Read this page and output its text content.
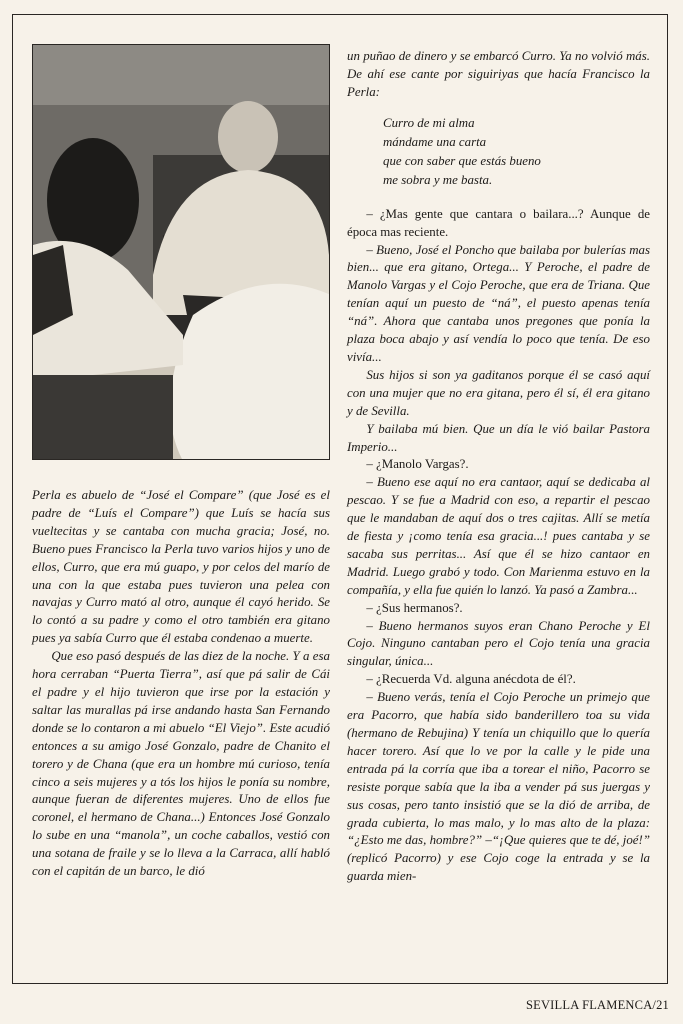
Perla es abuelo de “José el Compare” (que José es el padre de “Luís el Compare”) que Luís se hacía sus vueltecitas y se cantaba con mucha gracia; José, no. Bueno pues Francisco la Perla tuvo varios hijos y uno de ellos, Curro, que era mú guapo, y por celos del marío de una con la que estaba pues tuvieron una pelea con navajas y Curro mató al otro, aunque él cayó herido. Se lo contó a su padre y como el otro también era gitano pues ya sabía Curro que él estaba condenao a muerte.

Que eso pasó después de las diez de la noche. Y a esa hora cerraban “Puerta Tierra”, así que pá salir de Cái el padre y el hijo tuvieron que irse por la estación y saltar las murallas pá irse andando hasta San Fernando donde se lo contaron a mi abuelo “El Viejo”. Este acudió entonces a su amigo José Gonzalo, padre de Chanito el torero y de Chana (que era un hombre mú curioso, tenía cinco a seis mujeres y a tós los hijos le ponía su nombre, aunque fueran de diferentes mujeres. Uno de ellos fue coronel, el hermano de Chana...) Entonces José Gonzalo lo sube en una “manola”, un coche caballos, vestió con una sotana de fraile y se lo lleva a la Carraca, allí habló con el capitán de un barco, le dió

un puñao de dinero y se embarcó Curro. Ya no volvió más. De ahí ese cante por siguiriyas que hacía Francisco la Perla:

Curro de mi alma
mándame una carta
que con saber que estás bueno
me sobra y me basta.

– ¿Mas gente que cantara o bailara...? Aunque de época mas reciente.

– Bueno, José el Poncho que bailaba por bulerías mas bien... que era gitano, Ortega... Y Peroche, el padre de Manolo Vargas y el Cojo Peroche, que era de Triana. Que tenían aquí un puesto de “ná”, el puesto apenas tenía “ná”. Ahora que cantaba unos pregones que ponía la plaza boca abajo y así vendía lo poco que tenía. De eso vivía...

Sus hijos si son ya gaditanos porque él se casó aquí con una mujer que no era gitana, pero él sí, él era gitano y de Sevilla.

Y bailaba mú bien. Que un día le vió bailar Pastora Imperio...

– ¿Manolo Vargas?.

– Bueno ese aquí no era cantaor, aquí se dedicaba al pescao. Y se fue a Madrid con eso, a repartir el pescao que le mandaban de aquí dos o tres cajitas. Allí se metía de fiesta y ¡como tenía esa gracia...! pues cantaba y se sacaba sus perritas... Así que él se hizo cantaor en Madrid. Luego grabó y todo. Con Marienma estuvo en la compañía, y ella fue quién lo lanzó. Ya pasó a Zambra...

– ¿Sus hermanos?.

– Bueno hermanos suyos eran Chano Peroche y El Cojo. Ninguno cantaban pero el Cojo tenía una gracia singular, única...

– ¿Recuerda Vd. alguna anécdota de él?.

– Bueno verás, tenía el Cojo Peroche un primejo que era Pacorro, que había sido banderillero toa su vida (hermano de Rebujina) Y tenía un chiquillo que lo quería hacer torero. Así que lo ve por la calle y le pide una entrada pá la corría que iba a torear el niño, Pacorro se resiste porque sabía que la iba a vender pá sus juergas y sus cosas, pero tanto insistió que se la dió de arriba, de grada cubierta, lo mas malo, y lo mas alto de la plaza: “¿Esto me das, hombre?” –“¡Que quieres que te dé, joé!” (replicó Pacorro) y ese Cojo coge la entrada y se la guarda mien-

SEVILLA FLAMENCA/21
